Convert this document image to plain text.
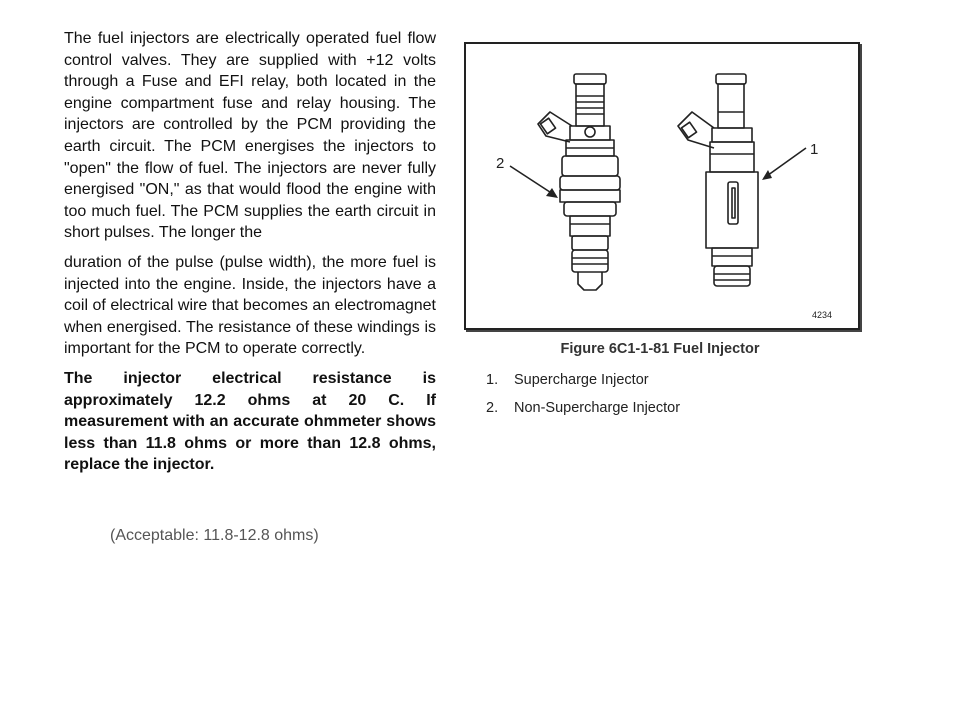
The fuel injectors are electrically operated fuel flow control valves. They are supplied with +12 volts through a Fuse and EFI relay, both located in the engine compartment fuse and relay housing. The injectors are controlled by the PCM providing the earth circuit. The PCM energises the injectors to "open" the flow of fuel. The injectors are never fully energised "ON," as that would flood the engine with too much fuel. The PCM supplies the earth circuit in short pulses. The longer the

duration of the pulse (pulse width), the more fuel is injected into the engine. Inside, the injectors have a coil of electrical wire that becomes an electromagnet when energised. The resistance of these windings is important for the PCM to operate correctly.

The injector electrical resistance is approximately 12.2 ohms at 20 C. If measurement with an accurate ohmmeter shows less than 11.8 ohms or more than 12.8 ohms, replace the injector.

(Acceptable: 11.8-12.8 ohms)
2
1
4234
Figure 6C1-1-81 Fuel Injector
1. Supercharge Injector
2. Non-Supercharge Injector
